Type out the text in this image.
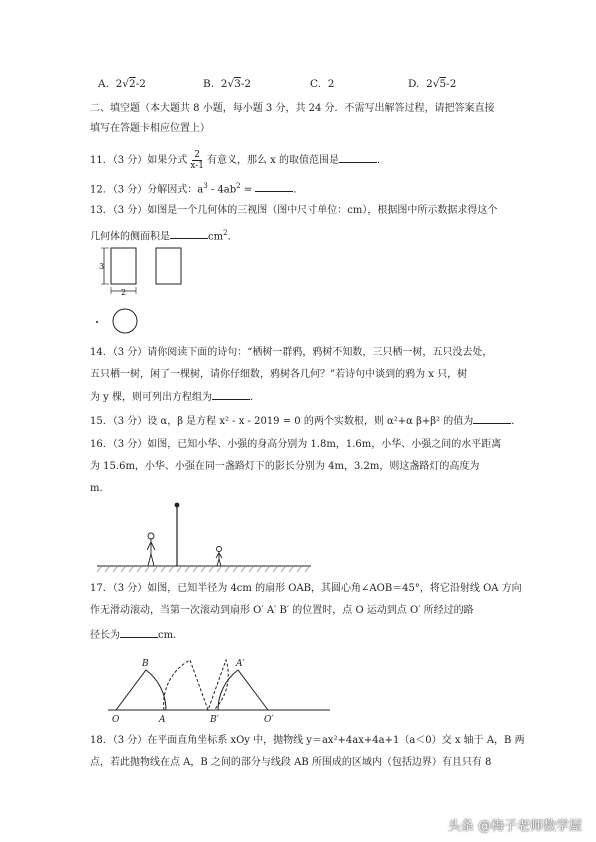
A. 2√2-2	B. 2√3-2	C. 2	D. 2√5-2
二、填空题（本大题共 8 小题，每小题 3 分，共 24 分．不需写出解答过程，请把答案直接
填写在答题卡相应位置上）
11．（3 分）如果分式 $\frac{2}{x-1}$ 有意义，那么 x 的取值范围是	．
12．（3 分）分解因式：$a^3 - 4ab^2$ =	．
13．（3 分）如图是一个几何体的三视图（图中尺寸单位：cm），根据图中所示数据求得这个
几何体的侧面积是	$cm^2$．
3
2
14．（3 分）请你阅读下面的诗句：“栖树一群鸦，鸦树不知数，三只栖一树，五只没去处，
五只栖一树，闲了一棵树，请你仔细数，鸦树各几何？”若诗句中谈到的鸦为 x 只，树
为 y 棵，则可列出方程组为	．
15．（3 分）设 α，β 是方程 x² - x - 2019 = 0 的两个实数根，则 α²+α β+β² 的值为	．
16．（3 分）如图，已知小华、小强的身高分别为 1.8m，1.6m，小华、小强之间的水平距离
为 15.6m，小华、小强在同一盏路灯下的影长分别为 4m，3.2m，则这盏路灯的高度为
m.
17．（3 分）如图，已知半径为 4cm 的扇形 OAB，其圆心角∠AOB＝45°，将它沿射线 OA 方向
作无滑动滚动，当第一次滚动到扇形 O′ A′ B′ 的位置时，点 O 运动到点 O′ 所经过的路
径长为	cm.
B
A
O
A′
B′	O′
18．（3 分）在平面直角坐标系 xOy 中，抛物线 y＝ax²+4ax+4a+1（a＜0）交 x 轴于 A，B 两
点，若此抛物线在点 A，B 之间的部分与线段 AB 所围成的区域内（包括边界）有且只有 8
头条 @梅子老师数学屋
